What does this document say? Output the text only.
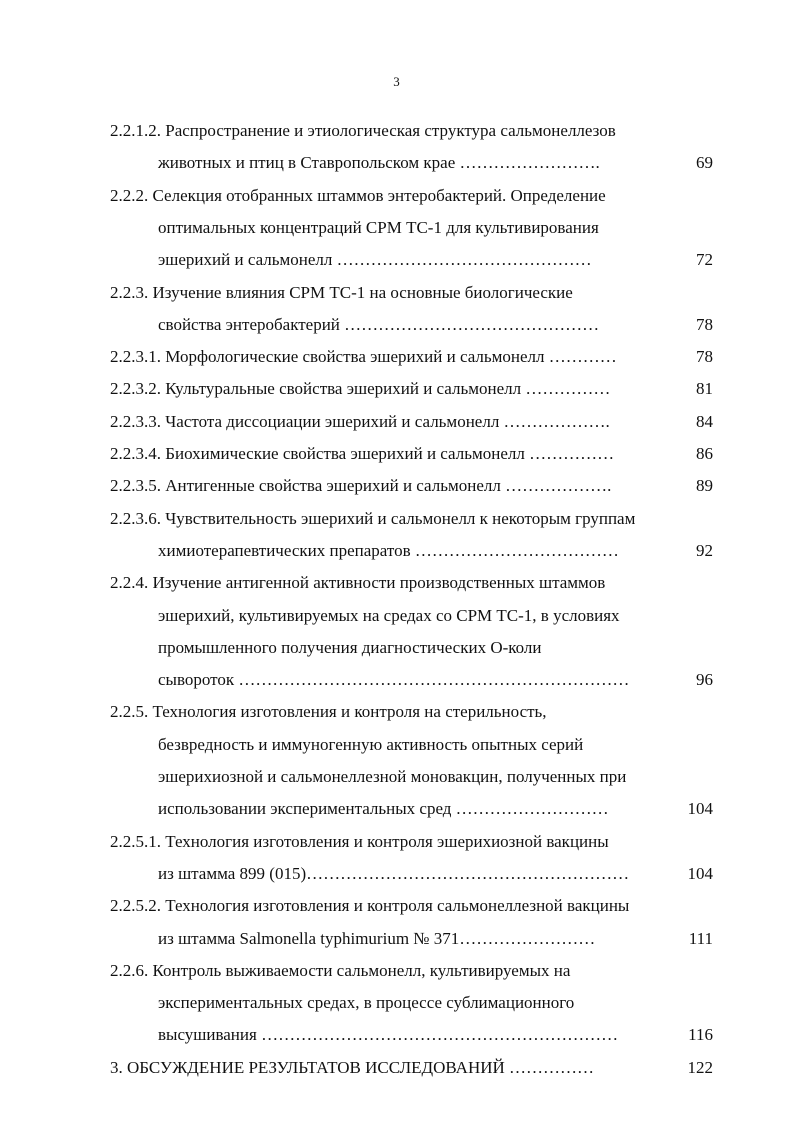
3
2.2.1.2. Распространение и этиологическая структура сальмонеллезов
животных и птиц в Ставропольском крае …………………….	69
2.2.2. Селекция отобранных штаммов энтеробактерий. Определение
оптимальных концентраций СРМ ТС-1 для культивирования
эшерихий и сальмонелл ………………………………………	72
2.2.3. Изучение влияния СРМ ТС-1 на основные биологические
свойства энтеробактерий ………………………………………	78
2.2.3.1. Морфологические свойства эшерихий и сальмонелл …………	78
2.2.3.2. Культуральные свойства эшерихий и сальмонелл ……………	81
2.2.3.3. Частота диссоциации эшерихий и сальмонелл ……………….	84
2.2.3.4. Биохимические свойства эшерихий и сальмонелл ……………	86
2.2.3.5. Антигенные свойства эшерихий и сальмонелл ……………….	89
2.2.3.6. Чувствительность эшерихий и сальмонелл к некоторым группам
химиотерапевтических препаратов ………………………………	92
2.2.4. Изучение антигенной активности производственных штаммов
эшерихий, культивируемых на средах со СРМ ТС-1, в условиях
промышленного получения диагностических О-коли
сывороток ……………………………………………………………	96
2.2.5. Технология изготовления и контроля на стерильность,
безвредность и иммуногенную активность опытных серий
эшерихиозной и сальмонеллезной моновакцин, полученных при
использовании экспериментальных сред ………………………	104
2.2.5.1. Технология изготовления и контроля эшерихиозной вакцины
из штамма 899 (015)…………………………………………………	104
2.2.5.2. Технология изготовления и контроля сальмонеллезной вакцины
из штамма Salmonella typhimurium № 371……………………	111
2.2.6. Контроль выживаемости сальмонелл, культивируемых на
экспериментальных средах, в процессе сублимационного
высушивания ………………………………………………………	116
3. ОБСУЖДЕНИЕ РЕЗУЛЬТАТОВ ИССЛЕДОВАНИЙ ……………	122
